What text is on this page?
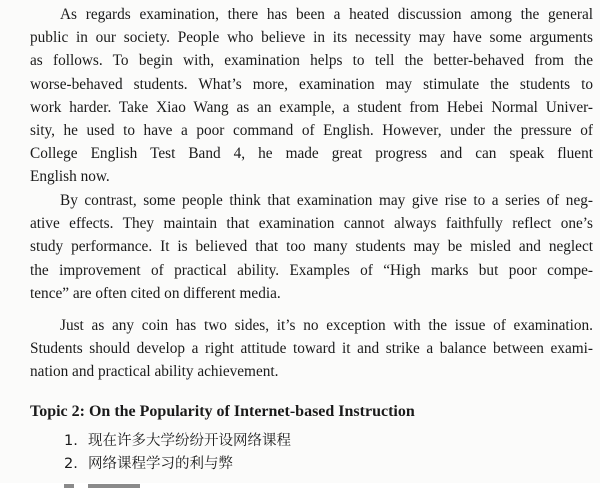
As regards examination, there has been a heated discussion among the general
public in our society. People who believe in its necessity may have some arguments
as follows. To begin with, examination helps to tell the better-behaved from the
worse-behaved students. What’s more, examination may stimulate the students to
work harder. Take Xiao Wang as an example, a student from Hebei Normal Univer-
sity, he used to have a poor command of English. However, under the pressure of
College English Test Band 4, he made great progress and can speak fluent
English now.
By contrast, some people think that examination may give rise to a series of neg-
ative effects. They maintain that examination cannot always faithfully reflect one’s
study performance. It is believed that too many students may be misled and neglect
the improvement of practical ability. Examples of “High marks but poor compe-
tence” are often cited on different media.
Just as any coin has two sides, it’s no exception with the issue of examination.
Students should develop a right attitude toward it and strike a balance between exami-
nation and practical ability achievement.
Topic 2: On the Popularity of Internet-based Instruction
1. 现在许多大学纷纷开设网络课程
2. 网络课程学习的利与弊
